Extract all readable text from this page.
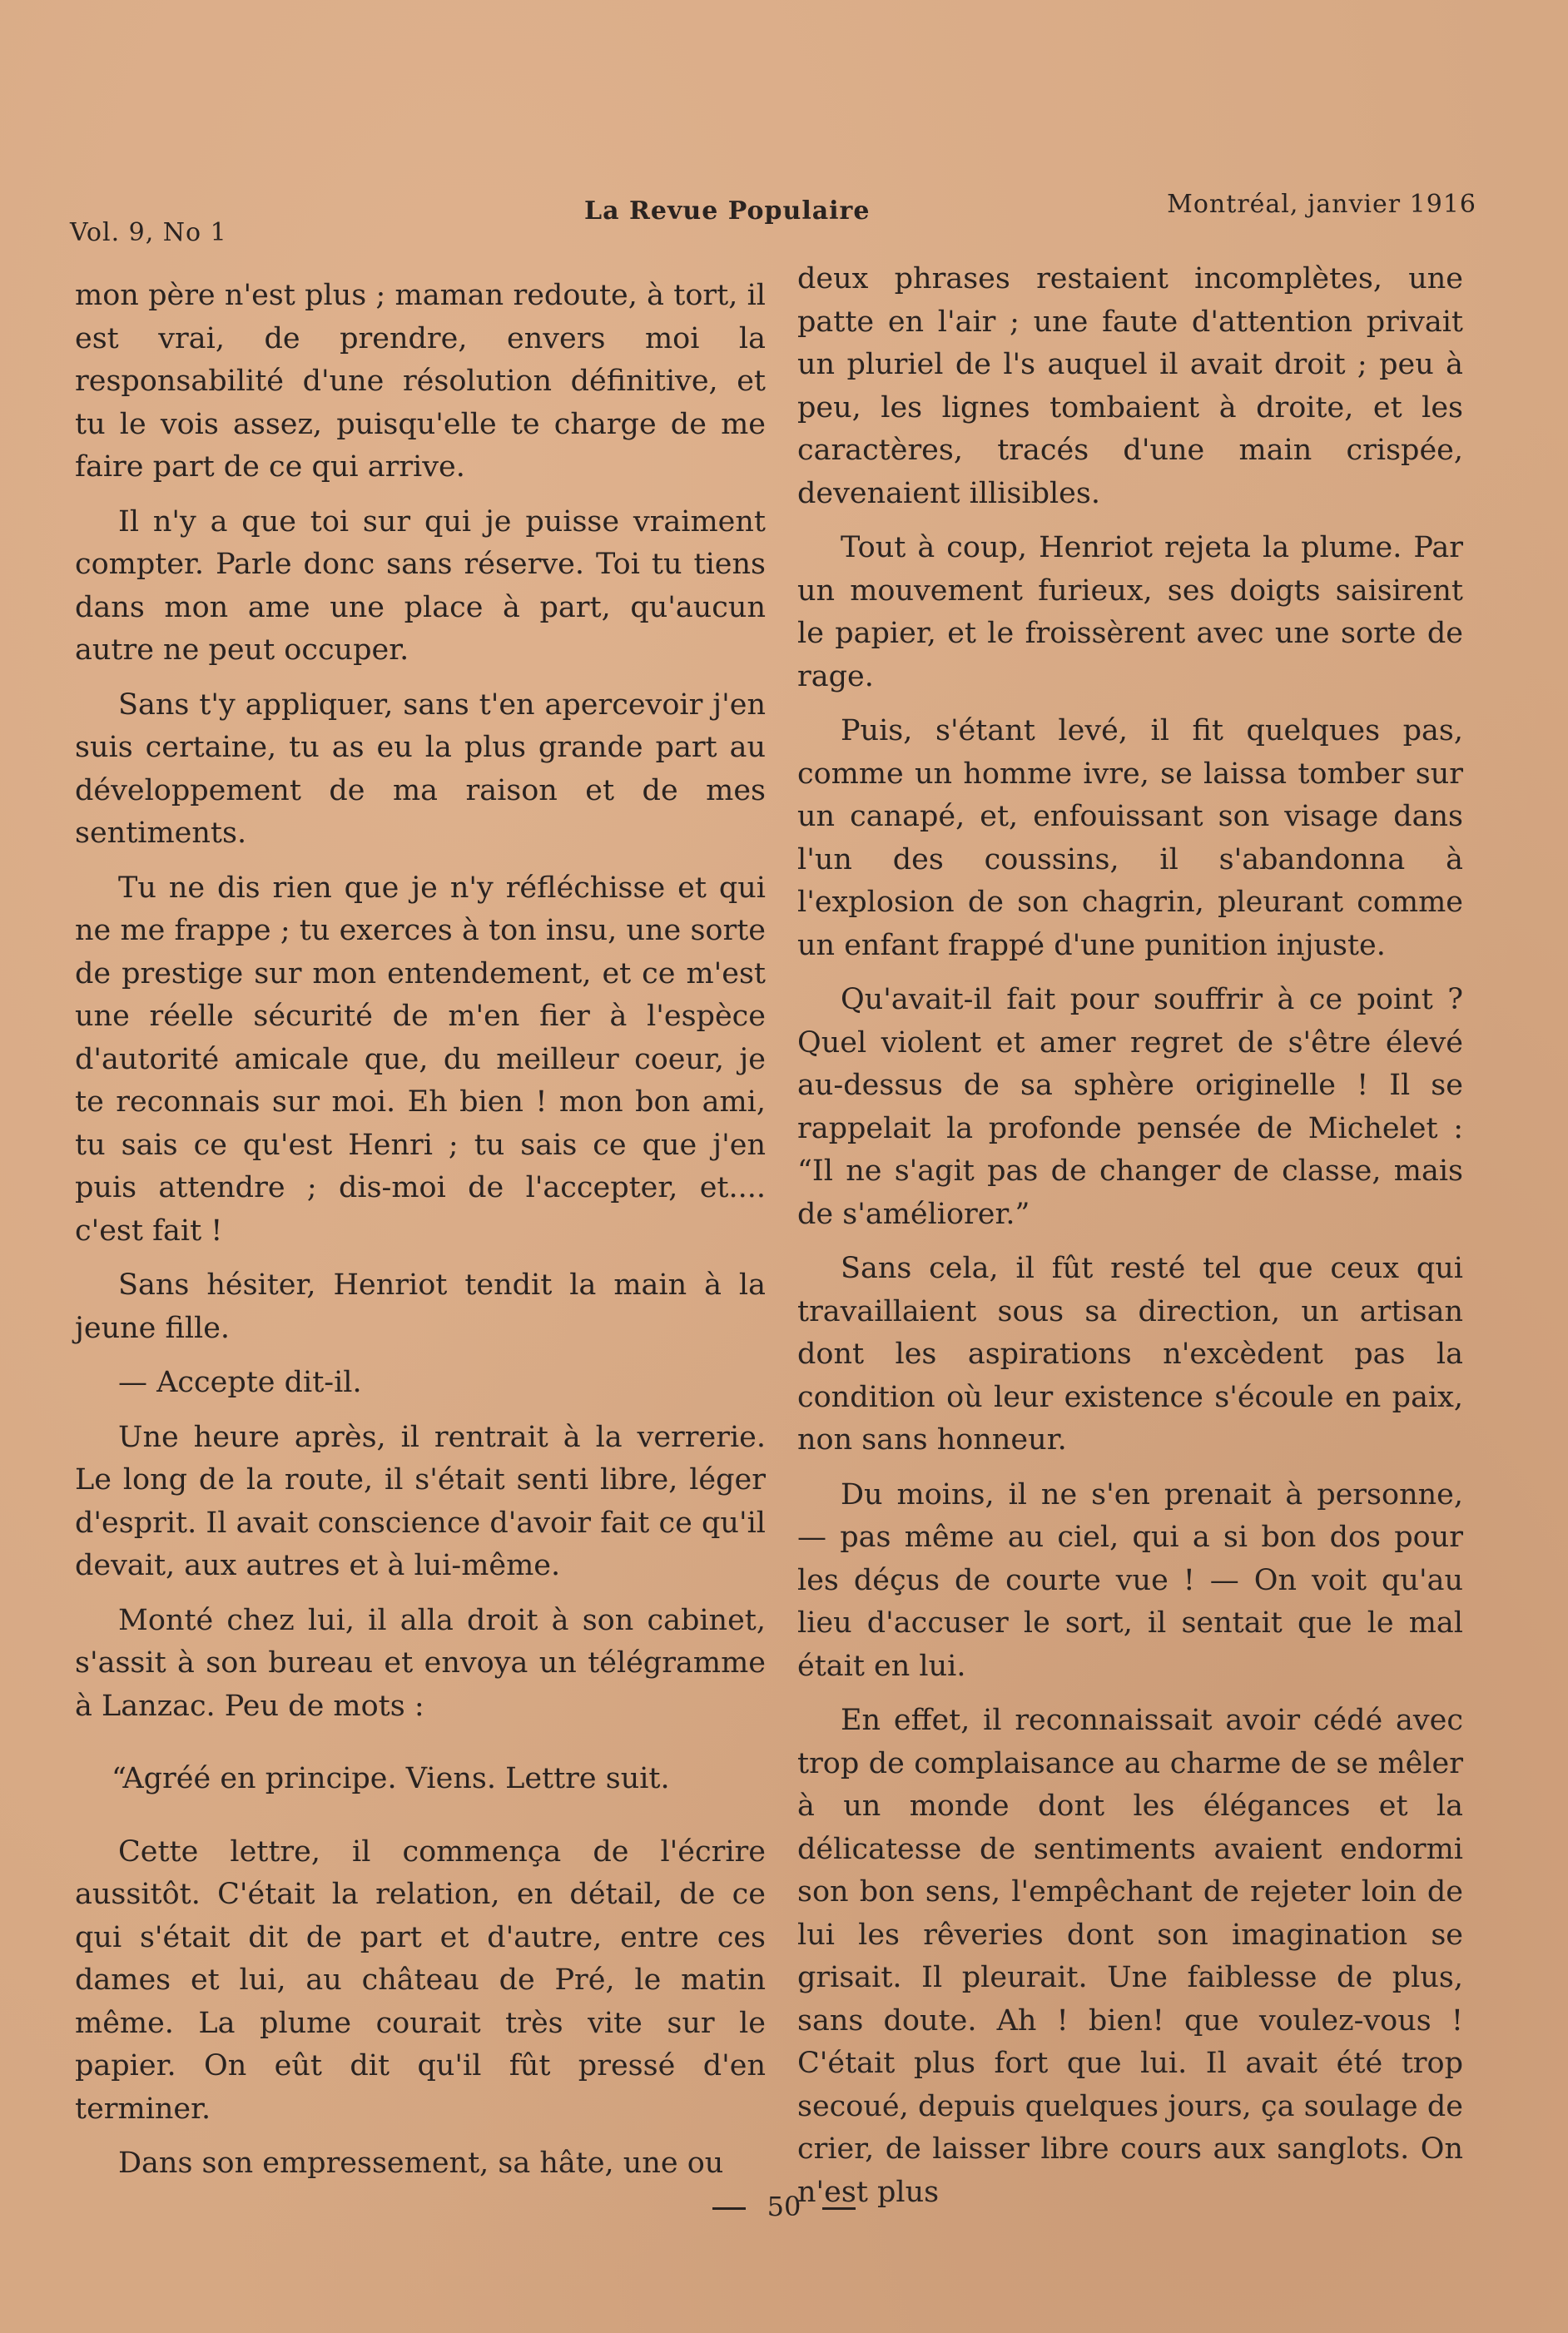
Vol. 9, No 1
La Revue Populaire	Montréal, janvier 1916

mon père n'est plus ; maman redoute, à tort, il est vrai, de prendre, envers moi la responsabilité d'une résolution définitive, et tu le vois assez, puisqu'elle te charge de me faire part de ce qui arrive.

Il n'y a que toi sur qui je puisse vraiment compter. Parle donc sans réserve. Toi tu tiens dans mon ame une place à part, qu'aucun autre ne peut occuper.

Sans t'y appliquer, sans t'en apercevoir j'en suis certaine, tu as eu la plus grande part au développement de ma raison et de mes sentiments.

Tu ne dis rien que je n'y réfléchisse et qui ne me frappe ; tu exerces à ton insu, une sorte de prestige sur mon entendement, et ce m'est une réelle sécurité de m'en fier à l'espèce d'autorité amicale que, du meilleur coeur, je te reconnais sur moi. Eh bien ! mon bon ami, tu sais ce qu'est Henri ; tu sais ce que j'en puis attendre ; dis-moi de l'accepter, et.... c'est fait !

Sans hésiter, Henriot tendit la main à la jeune fille.

— Accepte dit-il.

Une heure après, il rentrait à la verrerie. Le long de la route, il s'était senti libre, léger d'esprit. Il avait conscience d'avoir fait ce qu'il devait, aux autres et à lui-même.

Monté chez lui, il alla droit à son cabinet, s'assit à son bureau et envoya un télégramme à Lanzac. Peu de mots :

“Agréé en principe. Viens. Lettre suit.

Cette lettre, il commença de l'écrire aussitôt. C'était la relation, en détail, de ce qui s'était dit de part et d'autre, entre ces dames et lui, au château de Pré, le matin même. La plume courait très vite sur le papier. On eût dit qu'il fût pressé d'en terminer.

Dans son empressement, sa hâte, une ou

deux phrases restaient incomplètes, une patte en l'air ; une faute d'attention privait un pluriel de l's auquel il avait droit ; peu à peu, les lignes tombaient à droite, et les caractères, tracés d'une main crispée, devenaient illisibles.

Tout à coup, Henriot rejeta la plume. Par un mouvement furieux, ses doigts saisirent le papier, et le froissèrent avec une sorte de rage.

Puis, s'étant levé, il fit quelques pas, comme un homme ivre, se laissa tomber sur un canapé, et, enfouissant son visage dans l'un des coussins, il s'abandonna à l'explosion de son chagrin, pleurant comme un enfant frappé d'une punition injuste.

Qu'avait-il fait pour souffrir à ce point ? Quel violent et amer regret de s'être élevé au-dessus de sa sphère originelle ! Il se rappelait la profonde pensée de Michelet : “Il ne s'agit pas de changer de classe, mais de s'améliorer.”

Sans cela, il fût resté tel que ceux qui travaillaient sous sa direction, un artisan dont les aspirations n'excèdent pas la condition où leur existence s'écoule en paix, non sans honneur.

Du moins, il ne s'en prenait à personne, — pas même au ciel, qui a si bon dos pour les déçus de courte vue ! — On voit qu'au lieu d'accuser le sort, il sentait que le mal était en lui.

En effet, il reconnaissait avoir cédé avec trop de complaisance au charme de se mêler à un monde dont les élégances et la délicatesse de sentiments avaient endormi son bon sens, l'empêchant de rejeter loin de lui les rêveries dont son imagination se grisait. Il pleurait. Une faiblesse de plus, sans doute. Ah ! bien! que voulez-vous ! C'était plus fort que lui. Il avait été trop secoué, depuis quelques jours, ça soulage de crier, de laisser libre cours aux sanglots. On n'est plus

50
